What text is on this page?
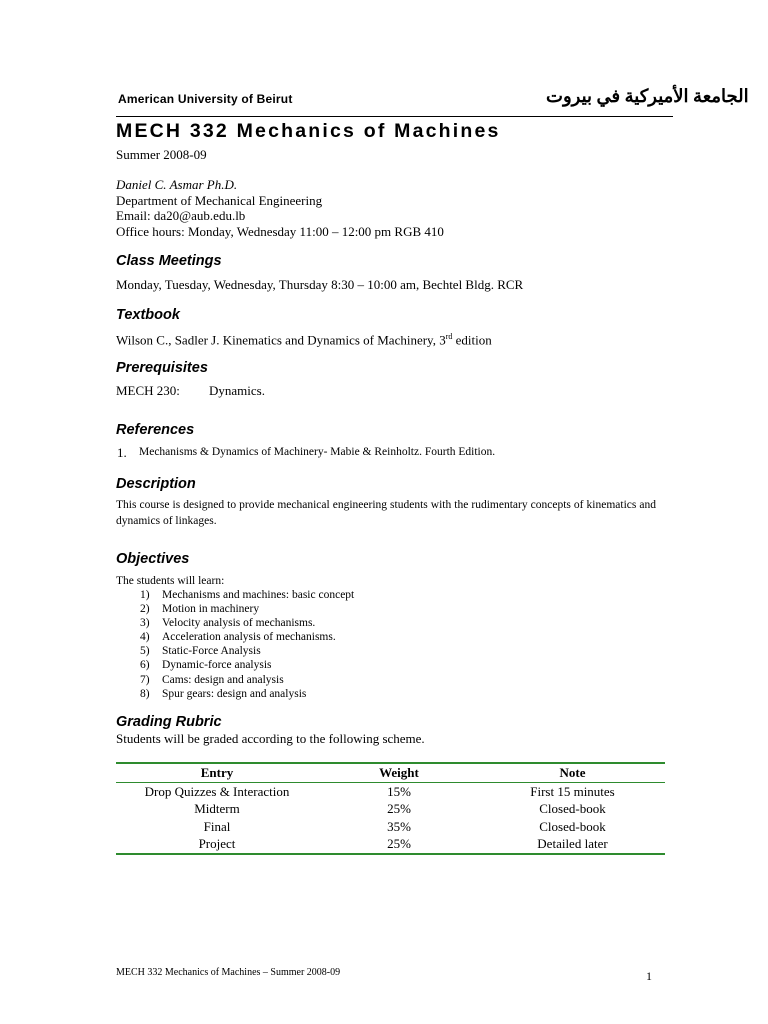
American University of Beirut	الجامعة الأميركية في بيروت
MECH 332 Mechanics of Machines
Summer 2008-09
Daniel C. Asmar Ph.D.
Department of Mechanical Engineering
Email: da20@aub.edu.lb
Office hours: Monday, Wednesday 11:00 – 12:00 pm RGB 410
Class Meetings
Monday, Tuesday, Wednesday, Thursday 8:30 – 10:00 am, Bechtel Bldg. RCR
Textbook
Wilson C., Sadler J. Kinematics and Dynamics of Machinery, 3rd edition
Prerequisites
MECH 230: Dynamics.
References
1. Mechanisms & Dynamics of Machinery- Mabie & Reinholtz. Fourth Edition.
Description
This course is designed to provide mechanical engineering students with the rudimentary concepts of kinematics and dynamics of linkages.
Objectives
The students will learn:
1) Mechanisms and machines: basic concept
2) Motion in machinery
3) Velocity analysis of mechanisms.
4) Acceleration analysis of mechanisms.
5) Static-Force Analysis
6) Dynamic-force analysis
7) Cams: design and analysis
8) Spur gears: design and analysis
Grading Rubric
Students will be graded according to the following scheme.
Entry	Weight	Note
Drop Quizzes & Interaction	15%	First 15 minutes
Midterm	25%	Closed-book
Final	35%	Closed-book
Project	25%	Detailed later
MECH 332 Mechanics of Machines – Summer 2008-09	1
